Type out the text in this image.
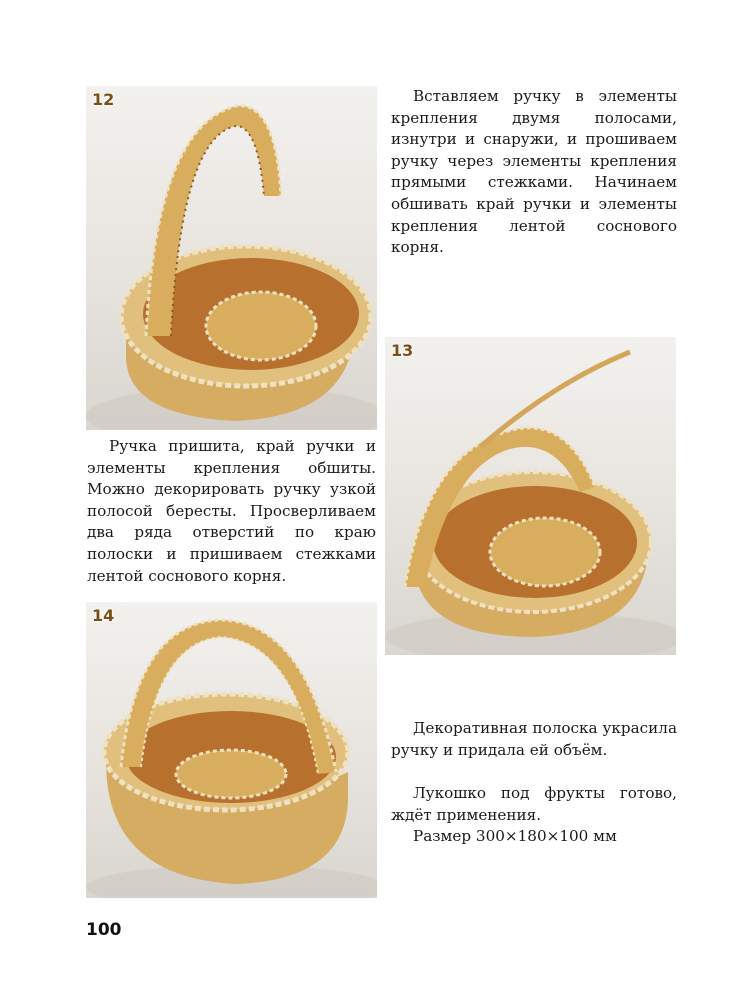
12	Вставляем ручку в элементы крепления двумя полосами, изнутри и снаружи, и прошиваем ручку через элементы крепления прямыми стежками. Начинаем обшивать край ручки и элементы крепления лентой соснового корня.

Ручка пришита, край ручки и элементы крепления обшиты. Можно декорировать ручку узкой полосой бересты. Просверливаем два ряда отверстий по краю полоски и пришиваем стежками лентой соснового корня.

13
14

Декоративная полоска украсила ручку и придала ей объём.

Лукошко под фрукты готово, ждёт применения.

Размер 300×180×100 мм

100
